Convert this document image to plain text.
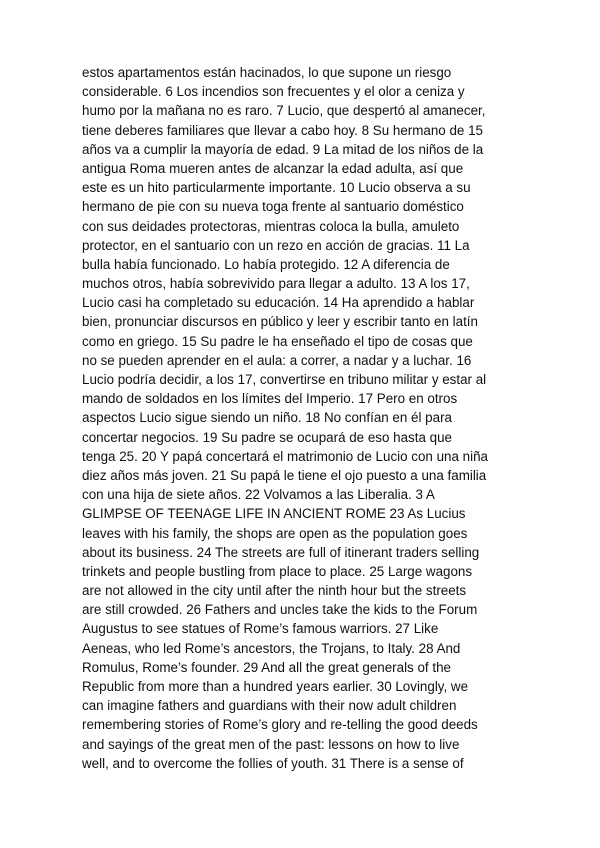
estos apartamentos están hacinados, lo que supone un riesgo
considerable. 6 Los incendios son frecuentes y el olor a ceniza y
humo por la mañana no es raro. 7 Lucio, que despertó al amanecer,
tiene deberes familiares que llevar a cabo hoy. 8 Su hermano de 15
años va a cumplir la mayoría de edad. 9 La mitad de los niños de la
antigua Roma mueren antes de alcanzar la edad adulta, así que
este es un hito particularmente importante. 10 Lucio observa a su
hermano de pie con su nueva toga frente al santuario doméstico
con sus deidades protectoras, mientras coloca la bulla, amuleto
protector, en el santuario con un rezo en acción de gracias. 11 La
bulla había funcionado. Lo había protegido. 12 A diferencia de
muchos otros, había sobrevivido para llegar a adulto. 13 A los 17,
Lucio casi ha completado su educación. 14 Ha aprendido a hablar
bien, pronunciar discursos en público y leer y escribir tanto en latín
como en griego. 15 Su padre le ha enseñado el tipo de cosas que
no se pueden aprender en el aula: a correr, a nadar y a luchar. 16
Lucio podría decidir, a los 17, convertirse en tribuno militar y estar al
mando de soldados en los límites del Imperio. 17 Pero en otros
aspectos Lucio sigue siendo un niño. 18 No confían en él para
concertar negocios. 19 Su padre se ocupará de eso hasta que
tenga 25. 20 Y papá concertará el matrimonio de Lucio con una niña
diez años más joven. 21 Su papá le tiene el ojo puesto a una familia
con una hija de siete años. 22 Volvamos a las Liberalia. 3 A
GLIMPSE OF TEENAGE LIFE IN ANCIENT ROME 23 As Lucius
leaves with his family, the shops are open as the population goes
about its business. 24 The streets are full of itinerant traders selling
trinkets and people bustling from place to place. 25 Large wagons
are not allowed in the city until after the ninth hour but the streets
are still crowded. 26 Fathers and uncles take the kids to the Forum
Augustus to see statues of Rome’s famous warriors. 27 Like
Aeneas, who led Rome’s ancestors, the Trojans, to Italy. 28 And
Romulus, Rome’s founder. 29 And all the great generals of the
Republic from more than a hundred years earlier. 30 Lovingly, we
can imagine fathers and guardians with their now adult children
remembering stories of Rome’s glory and re-telling the good deeds
and sayings of the great men of the past: lessons on how to live
well, and to overcome the follies of youth. 31 There is a sense of
